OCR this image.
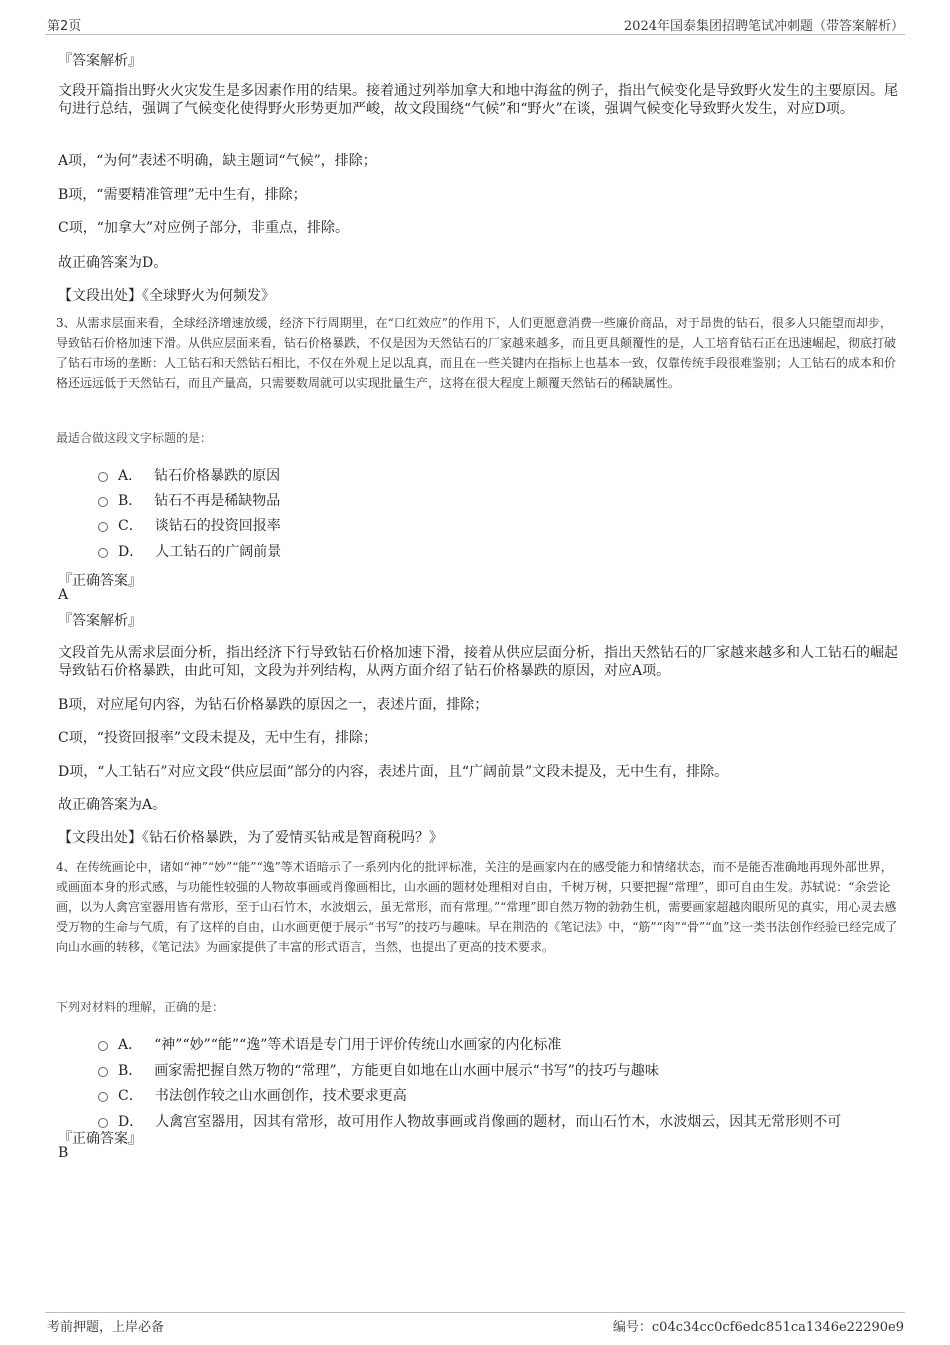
第2页	2024年国泰集团招聘笔试冲刺题（带答案解析）
『答案解析』
文段开篇指出野火火灾发生是多因素作用的结果。接着通过列举加拿大和地中海盆的例子，指出气候变化是导致野火发生的主要原因。尾句进行总结，强调了气候变化使得野火形势更加严峻，故文段围绕“气候”和“野火”在谈，强调气候变化导致野火发生，对应D项。
A项，“为何”表述不明确，缺主题词“气候”，排除；
B项，“需要精准管理”无中生有，排除；
C项，“加拿大”对应例子部分，非重点，排除。
故正确答案为D。
【文段出处】《全球野火为何频发》
3、从需求层面来看，全球经济增速放缓，经济下行周期里，在“口红效应”的作用下，人们更愿意消费一些廉价商品，对于昂贵的钻石，很多人只能望而却步，导致钻石价格加速下滑。从供应层面来看，钻石价格暴跌，不仅是因为天然钻石的厂家越来越多，而且更具颠覆性的是，人工培育钻石正在迅速崛起，彻底打破了钻石市场的垄断：人工钻石和天然钻石相比，不仅在外观上足以乱真，而且在一些关键内在指标上也基本一致，仅靠传统手段很难鉴别；人工钻石的成本和价格还远远低于天然钻石，而且产量高，只需要数周就可以实现批量生产，这将在很大程度上颠覆天然钻石的稀缺属性。
最适合做这段文字标题的是：
A． 钻石价格暴跌的原因
B． 钻石不再是稀缺物品
C． 谈钻石的投资回报率
D． 人工钻石的广阔前景
『正确答案』
A
『答案解析』
文段首先从需求层面分析，指出经济下行导致钻石价格加速下滑，接着从供应层面分析，指出天然钻石的厂家越来越多和人工钻石的崛起导致钻石价格暴跌，由此可知，文段为并列结构，从两方面介绍了钻石价格暴跌的原因，对应A项。
B项，对应尾句内容，为钻石价格暴跌的原因之一，表述片面，排除；
C项，“投资回报率”文段未提及，无中生有，排除；
D项，“人工钻石”对应文段“供应层面”部分的内容，表述片面，且“广阔前景”文段未提及，无中生有，排除。
故正确答案为A。
【文段出处】《钻石价格暴跌，为了爱情买钻戒是智商税吗？》
4、在传统画论中，诸如“神”“妙”“能”“逸”等术语暗示了一系列内化的批评标准，关注的是画家内在的感受能力和情绪状态，而不是能否准确地再现外部世界，或画面本身的形式感，与功能性较强的人物故事画或肖像画相比，山水画的题材处理相对自由，千树万树，只要把握“常理”，即可自由生发。苏轼说：“余尝论画，以为人禽宫室器用皆有常形，至于山石竹木，水波烟云，虽无常形，而有常理。”“常理”即自然万物的勃勃生机，需要画家超越肉眼所见的真实，用心灵去感受万物的生命与气质，有了这样的自由，山水画更便于展示“书写”的技巧与趣味。早在荆浩的《笔记法》中，“筋”“肉”“骨”“血”这一类书法创作经验已经完成了向山水画的转移，《笔记法》为画家提供了丰富的形式语言，当然，也提出了更高的技术要求。
下列对材料的理解，正确的是：
A． “神”“妙”“能”“逸”等术语是专门用于评价传统山水画家的内化标准
B． 画家需把握自然万物的“常理”，方能更自如地在山水画中展示“书写”的技巧与趣味
C． 书法创作较之山水画创作，技术要求更高
D． 人禽宫室器用，因其有常形，故可用作人物故事画或肖像画的题材，而山石竹木，水波烟云，因其无常形则不可
『正确答案』
B
考前押题，上岸必备	编号：c04c34cc0cf6edc851ca1346e22290e9
